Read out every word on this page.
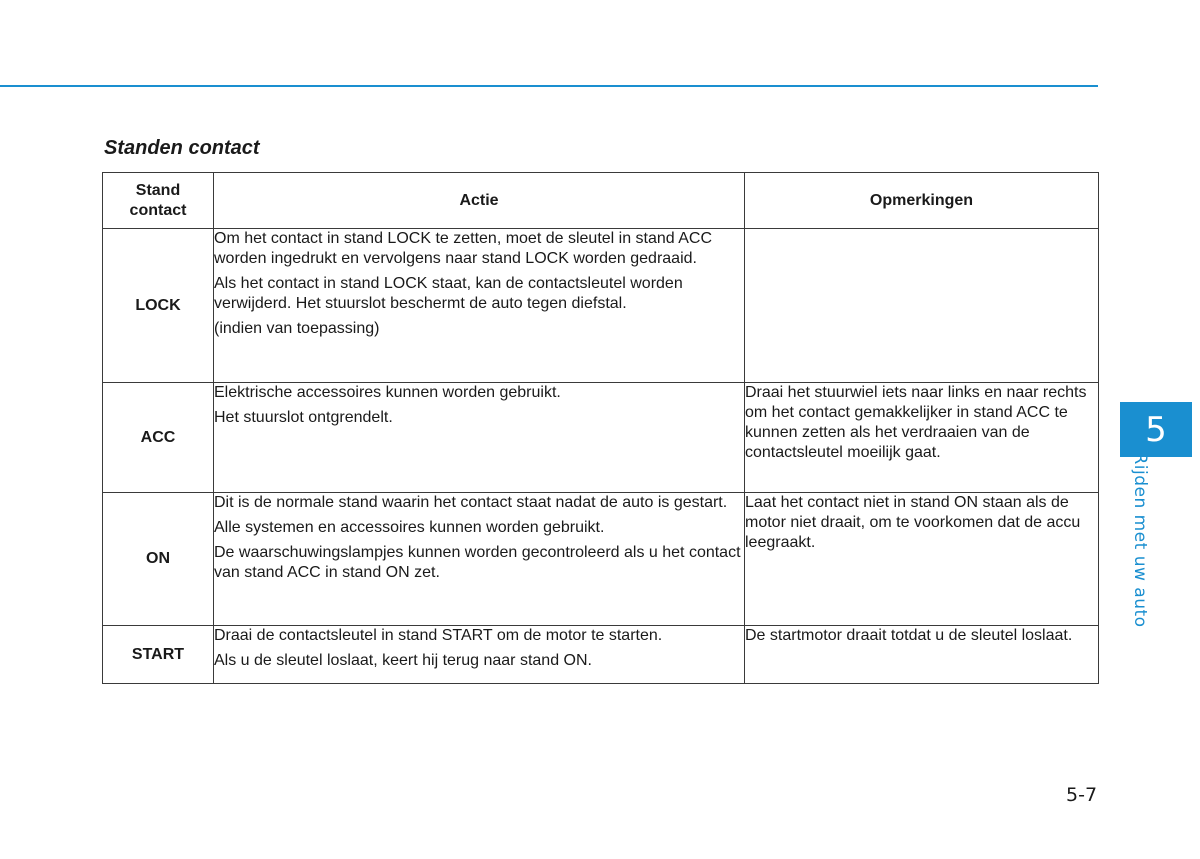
Standen contact
Stand contact	Actie	Opmerkingen
LOCK	Om het contact in stand LOCK te zetten, moet de sleutel in stand ACC worden ingedrukt en vervolgens naar stand LOCK worden gedraaid.

Als het contact in stand LOCK staat, kan de contactsleutel worden verwijderd. Het stuurslot beschermt de auto tegen diefstal.

(indien van toepassing)	

ACC	Elektrische accessoires kunnen worden gebruikt.

Het stuurslot ontgrendelt.	Draai het stuurwiel iets naar links en naar rechts om het contact gemakkelijker in stand ACC te kunnen zetten als het verdraaien van de contactsleutel moeilijk gaat.

ON	Dit is de normale stand waarin het contact staat nadat de auto is gestart.

Alle systemen en accessoires kunnen worden gebruikt.

De waarschuwingslampjes kunnen worden gecontroleerd als u het contact van stand ACC in stand ON zet.	Laat het contact niet in stand ON staan als de motor niet draait, om te voorkomen dat de accu leegraakt.

START	Draai de contactsleutel in stand START om de motor te starten.

Als u de sleutel loslaat, keert hij terug naar stand ON.	De startmotor draait totdat u de sleutel loslaat.

5
Rijden met uw auto
5-7
